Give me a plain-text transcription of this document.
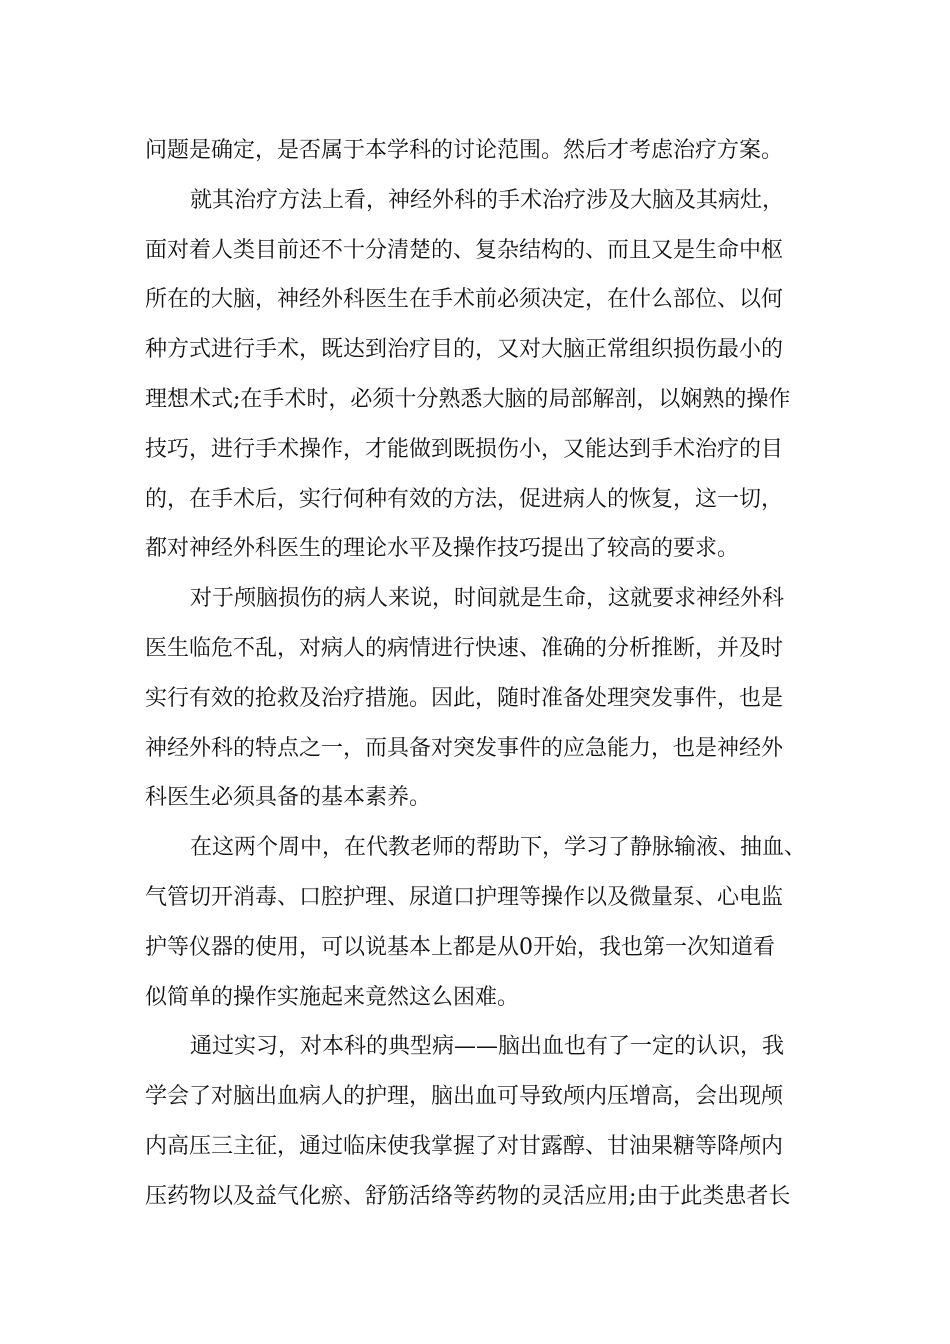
问题是确定，是否属于本学科的讨论范围。然后才考虑治疗方案。
就其治疗方法上看，神经外科的手术治疗涉及大脑及其病灶，
面对着人类目前还不十分清楚的、复杂结构的、而且又是生命中枢
所在的大脑，神经外科医生在手术前必须决定，在什么部位、以何
种方式进行手术，既达到治疗目的，又对大脑正常组织损伤最小的
理想术式;在手术时，必须十分熟悉大脑的局部解剖，以娴熟的操作
技巧，进行手术操作，才能做到既损伤小，又能达到手术治疗的目
的，在手术后，实行何种有效的方法，促进病人的恢复，这一切，
都对神经外科医生的理论水平及操作技巧提出了较高的要求。
对于颅脑损伤的病人来说，时间就是生命，这就要求神经外科
医生临危不乱，对病人的病情进行快速、准确的分析推断，并及时
实行有效的抢救及治疗措施。因此，随时准备处理突发事件，也是
神经外科的特点之一，而具备对突发事件的应急能力，也是神经外
科医生必须具备的基本素养。
在这两个周中，在代教老师的帮助下，学习了静脉输液、抽血、
气管切开消毒、口腔护理、尿道口护理等操作以及微量泵、心电监
护等仪器的使用，可以说基本上都是从0开始，我也第一次知道看
似简单的操作实施起来竟然这么困难。
通过实习，对本科的典型病——脑出血也有了一定的认识，我
学会了对脑出血病人的护理，脑出血可导致颅内压增高，会出现颅
内高压三主征，通过临床使我掌握了对甘露醇、甘油果糖等降颅内
压药物以及益气化瘀、舒筋活络等药物的灵活应用;由于此类患者长
